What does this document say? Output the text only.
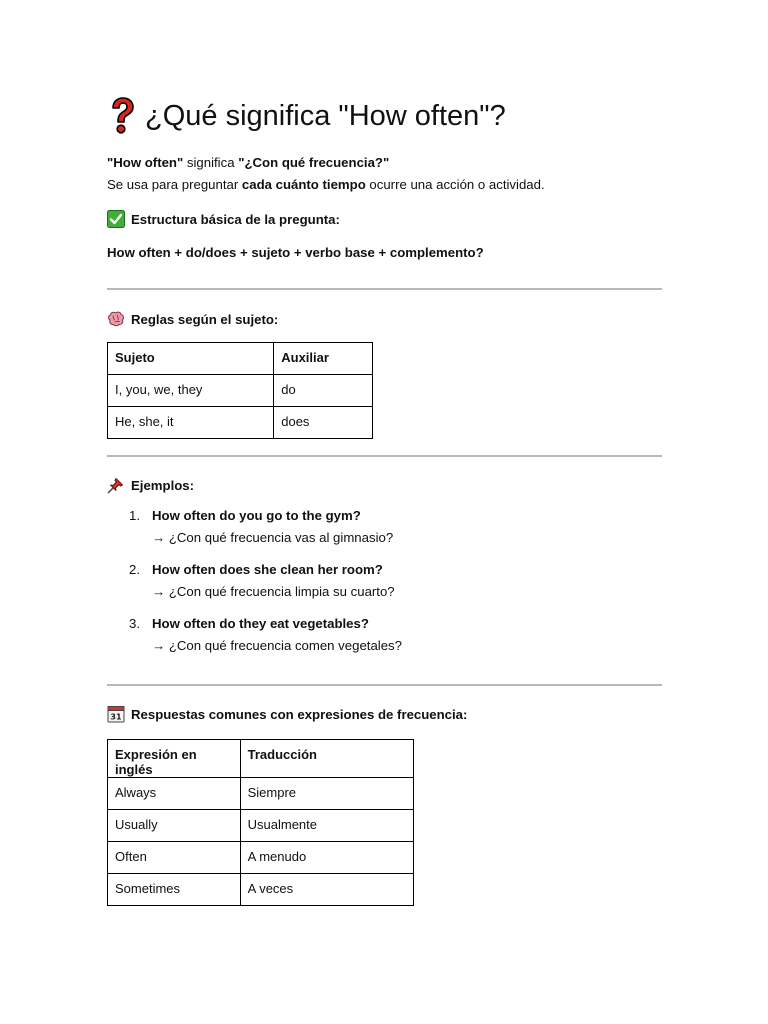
¿Qué significa "How often"?
"How often" significa "¿Con qué frecuencia?"
Se usa para preguntar cada cuánto tiempo ocurre una acción o actividad.
Estructura básica de la pregunta:
How often + do/does + sujeto + verbo base + complemento?
Reglas según el sujeto:
Sujeto	Auxiliar
I, you, we, they	do
He, she, it	does
Ejemplos:
1. How often do you go to the gym?
→ ¿Con qué frecuencia vas al gimnasio?
2. How often does she clean her room?
→ ¿Con qué frecuencia limpia su cuarto?
3. How often do they eat vegetables?
→ ¿Con qué frecuencia comen vegetales?
31 Respuestas comunes con expresiones de frecuencia:
Expresión en inglés	Traducción
Always	Siempre
Usually	Usualmente
Often	A menudo
Sometimes	A veces
